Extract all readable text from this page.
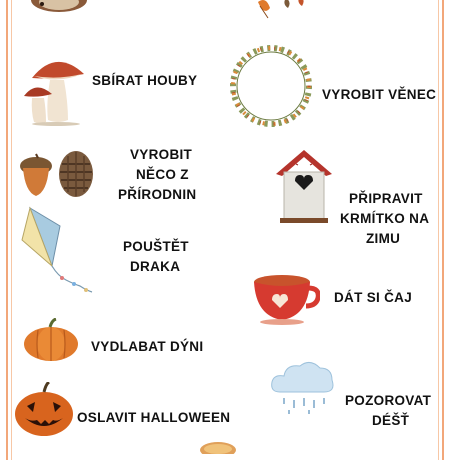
SBÍRAT HOUBY
VYROBIT VĚNEC
VYROBIT
NĚCO Z
PŘÍRODNIN	PŘIPRAVIT
KRMÍTKO NA
ZIMU
POUŠTĚT
DRAKA
DÁT SI ČAJ
VYDLABAT DÝNI
OSLAVIT HALLOWEEN
POZOROVAT
DÉŠŤ
